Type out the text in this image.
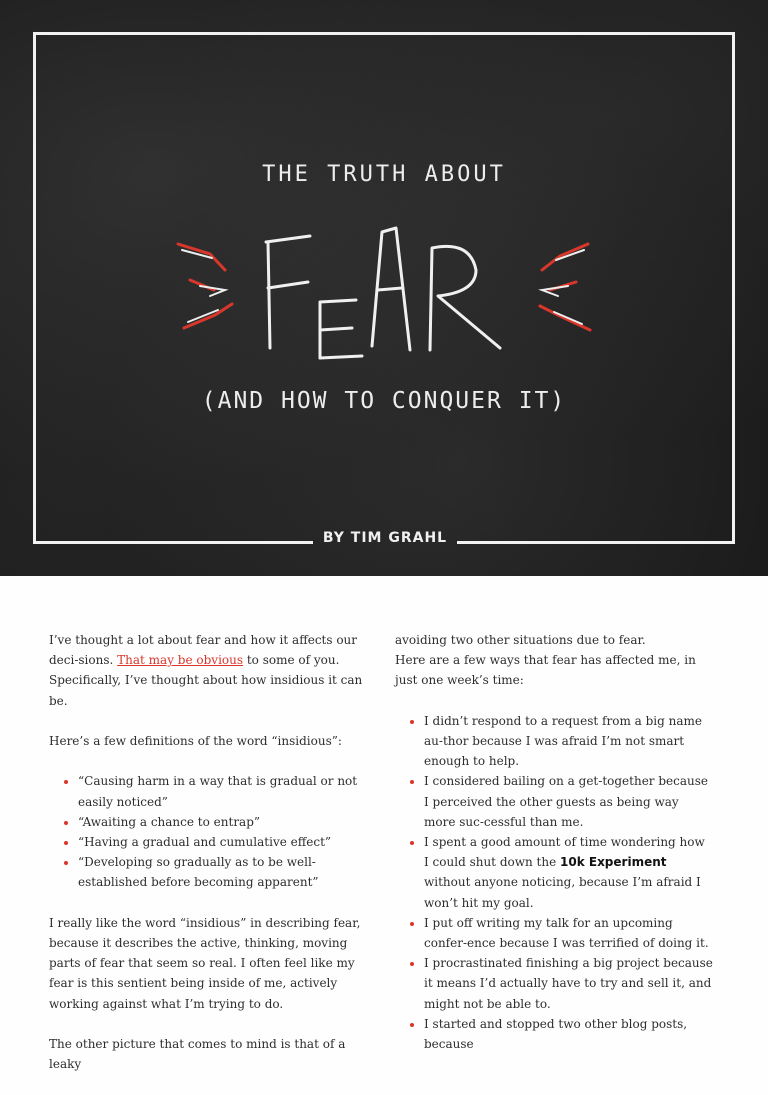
THE TRUTH ABOUT
(AND HOW TO CONQUER IT)
BY TIM GRAHL

I’ve thought a lot about fear and how it affects our deci-sions. That may be obvious to some of you. Specifically, I’ve thought about how insidious it can be.

Here’s a few definitions of the word “insidious”:

• “Causing harm in a way that is gradual or not easily noticed”
• “Awaiting a chance to entrap”
• “Having a gradual and cumulative effect”
• “Developing so gradually as to be well-established before becoming apparent”

I really like the word “insidious” in describing fear, because it describes the active, thinking, moving parts of fear that seem so real. I often feel like my fear is this sentient being inside of me, actively working against what I’m trying to do.

The other picture that comes to mind is that of a leaky

avoiding two other situations due to fear.

Here are a few ways that fear has affected me, in just one week’s time:

• I didn’t respond to a request from a big name au-thor because I was afraid I’m not smart enough to help.
• I considered bailing on a get-together because I perceived the other guests as being way more suc-cessful than me.
• I spent a good amount of time wondering how I could shut down the 10k Experiment without anyone noticing, because I’m afraid I won’t hit my goal.
• I put off writing my talk for an upcoming confer-ence because I was terrified of doing it.
• I procrastinated finishing a big project because it means I’d actually have to try and sell it, and might not be able to.
• I started and stopped two other blog posts, because
